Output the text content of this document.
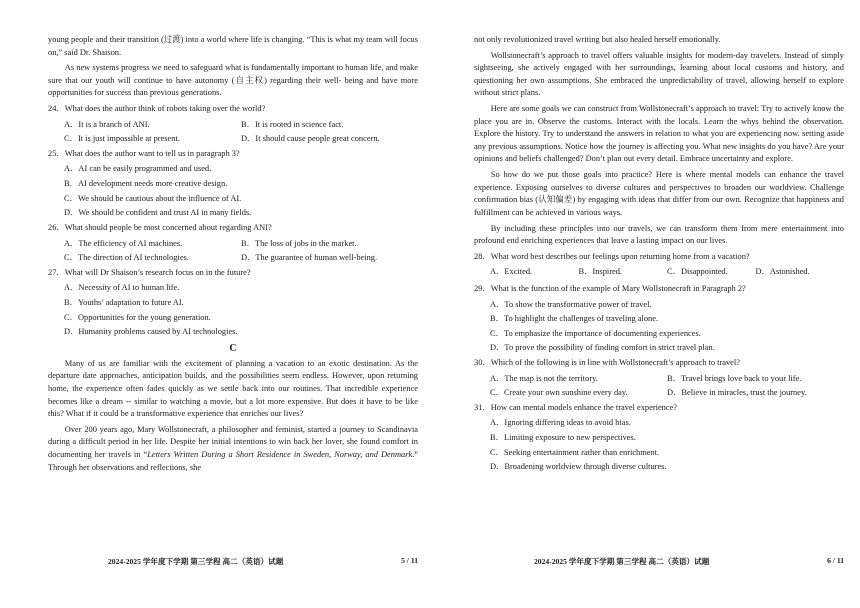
young people and their transition (过渡) into a world where life is changing. “This is what my team will focus on,” said Dr. Shaison.

As new systems progress we need to safeguard what is fundamentally important to human life, and make sure that our youth will continue to have autonomy (自主权) regarding their well- being and have more opportunities for success than previous generations.

24．What does the author think of robots taking over the world?
A．It is a branch of ANI.	B．It is rooted in science fact.
C．It is just impossible at present.	D．It should cause people great concern.
25．What does the author want to tell us in paragraph 3?
A．AI can be easily programmed and used.
B．AI development needs more creative design.
C．We should be cautious about the influence of AI.
D．We should be confident and trust AI in many fields.
26．What should people be most concerned about regarding ANI?
A．The efficiency of AI machines.	B．The loss of jobs in the market.
C．The direction of AI technologies.	D．The guarantee of human well-being.
27．What will Dr Shaison’s research focus on in the future?
A．Necessity of AI to human life.
B．Youths’ adaptation to future AI.
C．Opportunities for the young generation.
D．Humanity problems caused by AI technologies.
C

Many of us are familiar with the excitement of planning a vacation to an exotic destination. As the departure date approaches, anticipation builds, and the possibilities seem endless. However, upon returning home, the experience often fades quickly as we settle back into our routines. That incredible experience becomes like a dream -- similar to watching a movie, but a lot more expensive. But does it have to be like this? What if it could be a transformative experience that enriches our lives?

Over 200 years ago, Mary Wollstonecraft, a philosopher and feminist, started a journey to Scandinavia during a difficult period in her life. Despite her initial intentions to win back her lover, she found comfort in documenting her travels in “Letters Written During a Short Residence in Sweden, Norway, and Denmark.” Through her observations and reflections, she

2024-2025 学年度下学期 第三学程 高二（英语）试题	5 / 11

not only revolutionized travel writing but also healed herself emotionally.

Wollstonecraft’s approach to travel offers valuable insights for modern-day travelers. Instead of simply sightseeing, she actively engaged with her surroundings, learning about local customs and history, and questioning her own assumptions. She embraced the unpredictability of travel, allowing herself to explore without strict plans.

Here are some goals we can construct from Wollstonecraft’s approach to travel: Try to actively know the place you are in. Observe the customs. Interact with the locals. Learn the whys behind the observation. Explore the history. Try to understand the answers in relation to what you are experiencing now. setting aside any previous assumptions. Notice how the journey is affecting you. What new insights do you have? Are your opinions and beliefs challenged? Don’t plan out every detail. Embrace uncertainty and explore.

So how do we put those goals into practice? Here is where mental models can enhance the travel experience. Exposing ourselves to diverse cultures and perspectives to broaden our worldview. Challenge confirmation bias (认知偏差) by engaging with ideas that differ from our own. Recognize that happiness and fulfillment can be achieved in various ways.

By including these principles into our travels, we can transform them from mere entertainment into profound end enriching experiences that leave a lasting impact on our lives.

28．What word best describes our feelings upon returning home from a vacation?
A．Excited.	B．Inspired.	C．Disappointed.	D．Astonished.
29．What is the function of the example of Mary Wollstonecraft in Paragraph 2?
A．To show the transformative power of travel.
B．To highlight the challenges of traveling alone.
C．To emphasize the importance of documenting experiences.
D．To prove the possibility of finding comfort in strict travel plan.
30．Which of the following is in line with Wollstonecraft’s approach to travel?
A．The map is not the territory.	B．Travel brings love back to your life.
C．Create your own sunshine every day.	D．Believe in miracles, trust the journey.
31．How can mental models enhance the travel experience?
A．Ignoring differing ideas to avoid bias.
B．Limiting exposure to new perspectives.
C．Seeking entertainment rather than enrichment.
D．Broadening worldview through diverse cultures.
2024-2025 学年度下学期 第三学程 高二（英语）试题	6 / 11
